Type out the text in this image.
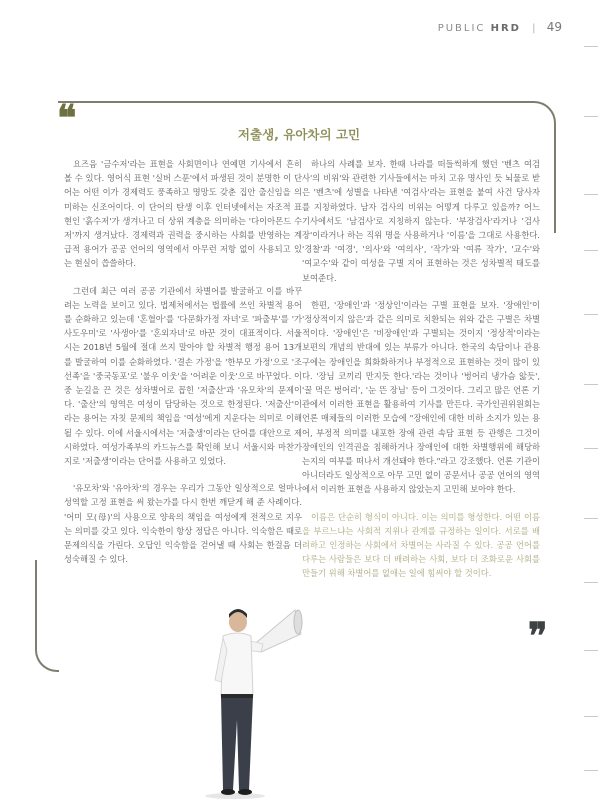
PUBLIC HRD | 49
❝
❞
저출생, 유아차의 고민

요즈음 '금수저'라는 표현을 사회면이나 연예면 기사에서 흔히 볼 수 있다. 영어식 표현 '실버 스푼'에서 파생된 것이 분명한 이 단어는 어떤 이가 경제력도 풍족하고 명망도 갖춘 집안 출신임을 의미하는 신조어이다. 이 단어의 탄생 이후 인터넷에서는 자조적 표현인 '흙수저'가 생겨나고 더 상위 계층을 의미하는 '다이아몬드 수저'까지 생겨났다. 경제력과 권력을 중시하는 사회를 반영하는 계급적 용어가 공공 언어의 영역에서 아무런 저항 없이 사용되고 있는 현실이 씁쓸하다.

그런데 최근 여러 공공 기관에서 차별어를 발굴하고 이를 바꾸려는 노력을 보이고 있다. 법제처에서는 법률에 쓰인 차별적 용어를 순화하고 있는데 '혼혈아'를 '다문화가정 자녀'로 '파출부'를 '가사도우미'로 '사생아'를 '혼외자녀'로 바꾼 것이 대표적이다. 서울시는 2018년 5월에 절대 쓰지 말아야 할 차별적 행정 용어 13개를 발굴하여 이를 순화하였다. '결손 가정'을 '한부모 가정'으로 '조선족'을 '중국동포'로 '불우 이웃'을 '어려운 이웃'으로 바꾸었다. 이중 눈길을 끈 것은 성차별어로 꼽힌 '저출산'과 '유모차'의 문제이다. '출산'의 영역은 여성이 담당하는 것으로 한정된다. '저출산'이라는 용어는 자칫 문제의 책임을 '여성'에게 지운다는 의미로 이해될 수 있다. 이에 서울시에서는 '저출생'이라는 단어를 대안으로 제시하였다. 여성가족부의 카드뉴스를 확인해 보니 서울시와 마찬가지로 '저출생'이라는 단어를 사용하고 있었다.

'유모차'와 '유아차'의 경우는 우리가 그동안 일상적으로 얼마나 성역할 고정 표현을 써 왔는가를 다시 한번 깨닫게 해 준 사례이다. '어미 모(母)'의 사용으로 양육의 책임을 여성에게 전적으로 지우는 의미를 갖고 있다. 익숙한이 항상 정답은 아니다. 익숙함은 때로 문제의식을 가린다. 오답인 익숙함을 걷어낼 때 사회는 한걸음 더 성숙해질 수 있다.

하나의 사례를 보자. 한때 나라를 떠들썩하게 했던 '벤츠 여검사'의 비위'와 관련한 기사들에서는 마치 고유 명사인 듯 뇌물로 받은 '벤츠'에 성별을 나타낸 '여검사'라는 표현을 붙여 사건 당사자를 지칭하였다. 남자 검사의 비위는 어떻게 다루고 있을까? 어느 기사에서도 '남검사'로 지칭하지 않는다. '부장검사'라거나 '검사장'이라거나 하는 직위 명을 사용하거나 '이름'을 그대로 사용한다. '경찰'과 '여경', '의사'와 '여의사', '작가'와 '여류 작가', '교수'와 '여교수'와 같이 여성을 구별 지어 표현하는 것은 성차별적 태도를 보여준다.

한편, '장애인'과 '정상인'이라는 구별 표현을 보자. '장애인'이 '정상적이지 않은'과 같은 의미로 치환되는 위와 같은 구별은 차별적이다. '장애인'은 '비장애인'과 구별되는 것이지 '정상적'이라는 보편의 개념의 반대에 있는 부류가 아니다. 한국의 속담이나 관용구에는 장애인을 희화화하거나 부정적으로 표현하는 것이 많이 있다. '장님 코끼리 만지듯 한다.'라는 것이나 '벙어리 냉가슴 앓듯', '꿀 먹은 벙어리', '눈 뜬 장님' 등이 그것이다. 그리고 많은 언론 기관에서 이러한 표현을 활용하여 기사를 만든다. 국가인권위원회는 언론 매체들의 이러한 모습에 "장애인에 대한 비하 소지가 있는 용어, 부정적 의미를 내포한 장애 관련 속담 표현 등 관행은 그것이 장애인의 인격권을 침해하거나 장애인에 대한 차별행위에 해당하는지의 여부를 떠나서 개선돼야 한다."라고 강조했다. 언론 기관이 아니더라도 일상적으로 아무 고민 없이 공문서나 공공 언어의 영역에서 이러한 표현을 사용하지 않았는지 고민해 보아야 한다.

이름은 단순히 형식이 아니다. 이는 의미를 형성한다. 어떤 이름을 부르느냐는 사회적 지위나 관계를 규정하는 일이다. 서로를 배려하고 인정하는 사회에서 차별어는 사라질 수 있다. 공공 언어를 다루는 사람들은 보다 더 배려하는 사회, 보다 더 조화로운 사회를 만들기 위해 차별어를 없애는 일에 힘써야 할 것이다.
